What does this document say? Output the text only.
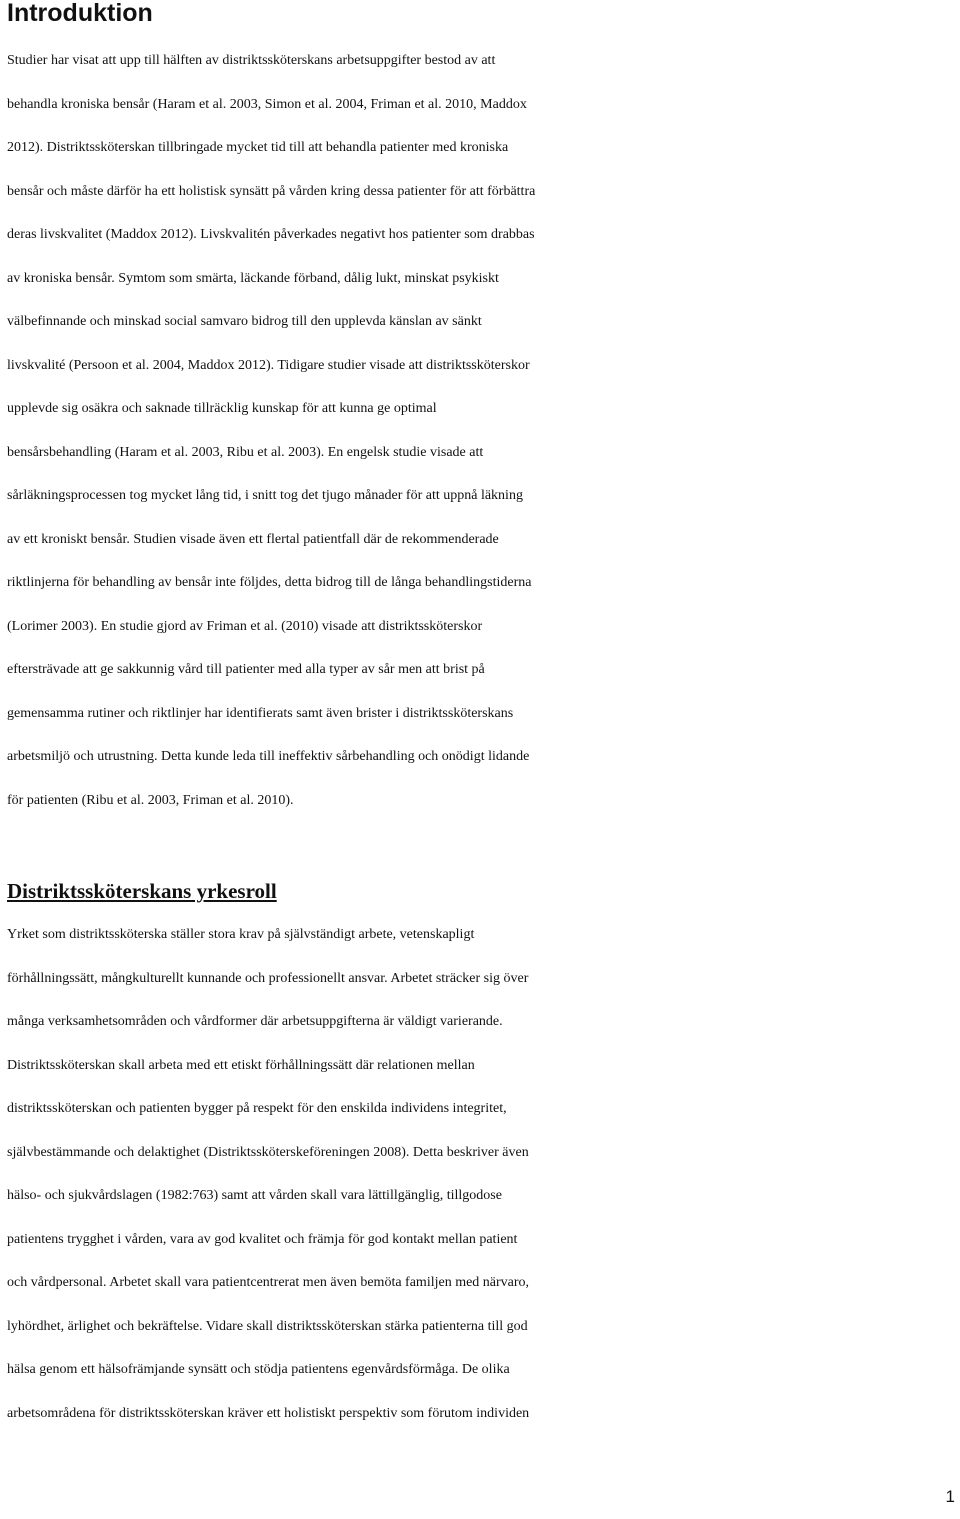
Introduktion
Studier har visat att upp till hälften av distriktssköterskans arbetsuppgifter bestod av att
behandla kroniska bensår (Haram et al. 2003, Simon et al. 2004, Friman et al. 2010, Maddox
2012). Distriktssköterskan tillbringade mycket tid till att behandla patienter med kroniska
bensår och måste därför ha ett holistisk synsätt på vården kring dessa patienter för att förbättra
deras livskvalitet (Maddox 2012). Livskvalitén påverkades negativt hos patienter som drabbas
av kroniska bensår. Symtom som smärta, läckande förband, dålig lukt, minskat psykiskt
välbefinnande och minskad social samvaro bidrog till den upplevda känslan av sänkt
livskvalité (Persoon et al. 2004, Maddox 2012). Tidigare studier visade att distriktssköterskor
upplevde sig osäkra och saknade tillräcklig kunskap för att kunna ge optimal
bensårsbehandling (Haram et al. 2003, Ribu et al. 2003). En engelsk studie visade att
sårläkningsprocessen tog mycket lång tid, i snitt tog det tjugo månader för att uppnå läkning
av ett kroniskt bensår. Studien visade även ett flertal patientfall där de rekommenderade
riktlinjerna för behandling av bensår inte följdes, detta bidrog till de långa behandlingstiderna
(Lorimer 2003). En studie gjord av Friman et al. (2010) visade att distriktssköterskor
eftersträvade att ge sakkunnig vård till patienter med alla typer av sår men att brist på
gemensamma rutiner och riktlinjer har identifierats samt även brister i distriktssköterskans
arbetsmiljö och utrustning. Detta kunde leda till ineffektiv sårbehandling och onödigt lidande
för patienten (Ribu et al. 2003, Friman et al. 2010).
Distriktssköterskans yrkesroll
Yrket som distriktssköterska ställer stora krav på självständigt arbete, vetenskapligt
förhållningssätt, mångkulturellt kunnande och professionellt ansvar. Arbetet sträcker sig över
många verksamhetsområden och vårdformer där arbetsuppgifterna är väldigt varierande.
Distriktssköterskan skall arbeta med ett etiskt förhållningssätt där relationen mellan
distriktssköterskan och patienten bygger på respekt för den enskilda individens integritet,
självbestämmande och delaktighet (Distriktssköterskeföreningen 2008). Detta beskriver även
hälso- och sjukvårdslagen (1982:763) samt att vården skall vara lättillgänglig, tillgodose
patientens trygghet i vården, vara av god kvalitet och främja för god kontakt mellan patient
och vårdpersonal. Arbetet skall vara patientcentrerat men även bemöta familjen med närvaro,
lyhördhet, ärlighet och bekräftelse. Vidare skall distriktssköterskan stärka patienterna till god
hälsa genom ett hälsofrämjande synsätt och stödja patientens egenvårdsförmåga. De olika
arbetsområdena för distriktssköterskan kräver ett holistiskt perspektiv som förutom individen
1
